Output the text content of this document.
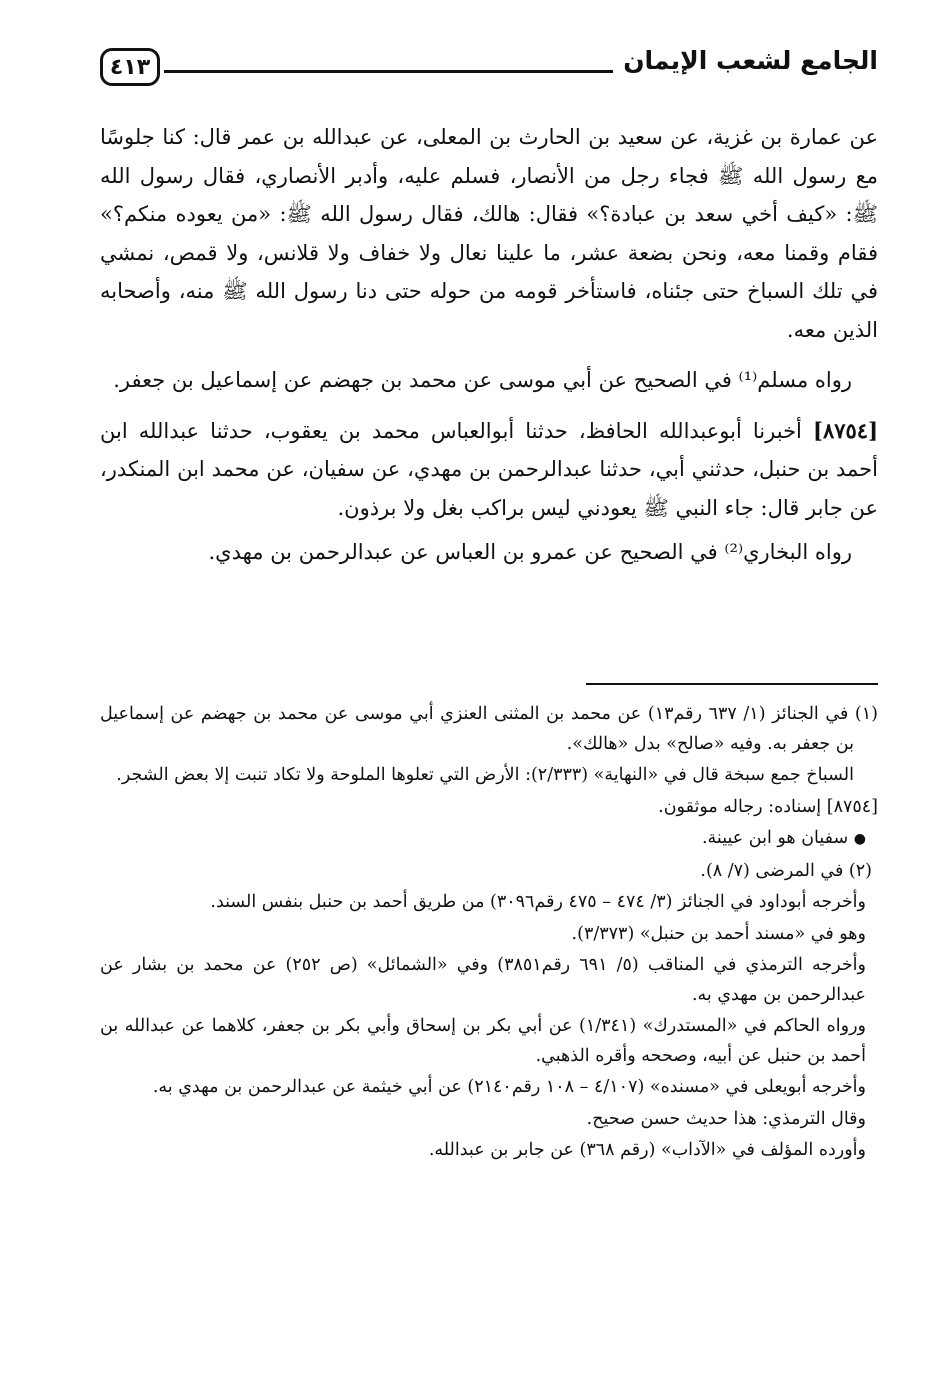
الجامع لشعب الإيمان
٤١٣

عن عمارة بن غزية، عن سعيد بن الحارث بن المعلى، عن عبدالله بن عمر قال: كنا جلوسًا مع رسول الله ﷺ فجاء رجل من الأنصار، فسلم عليه، وأدبر الأنصاري، فقال رسول الله ﷺ: «كيف أخي سعد بن عبادة؟» فقال: هالك، فقال رسول الله ﷺ: «من يعوده منكم؟» فقام وقمنا معه، ونحن بضعة عشر، ما علينا نعال ولا خفاف ولا قلانس، ولا قمص، نمشي في تلك السباخ حتى جئناه، فاستأخر قومه من حوله حتى دنا رسول الله ﷺ منه، وأصحابه الذين معه.

رواه مسلم⁽¹⁾ في الصحيح عن أبي موسى عن محمد بن جهضم عن إسماعيل بن جعفر.

[٨٧٥٤] أخبرنا أبوعبدالله الحافظ، حدثنا أبوالعباس محمد بن يعقوب، حدثنا عبدالله ابن أحمد بن حنبل، حدثني أبي، حدثنا عبدالرحمن بن مهدي، عن سفيان، عن محمد ابن المنكدر، عن جابر قال: جاء النبي ﷺ يعودني ليس براكب بغل ولا برذون.

رواه البخاري⁽²⁾ في الصحيح عن عمرو بن العباس عن عبدالرحمن بن مهدي.

(١) في الجنائز (١/ ٦٣٧ رقم١٣) عن محمد بن المثنى العنزي أبي موسى عن محمد بن جهضم عن إسماعيل بن جعفر به. وفيه «صالح» بدل «هالك».

السباخ جمع سبخة قال في «النهاية» (٢/٣٣٣): الأرض التي تعلوها الملوحة ولا تكاد تنبت إلا بعض الشجر.

[٨٧٥٤] إسناده: رجاله موثقون.

● سفيان هو ابن عيينة.

(٢) في المرضى (٧/ ٨).

وأخرجه أبوداود في الجنائز (٣/ ٤٧٤ – ٤٧٥ رقم٣٠٩٦) من طريق أحمد بن حنبل بنفس السند.

وهو في «مسند أحمد بن حنبل» (٣/٣٧٣).

وأخرجه الترمذي في المناقب (٥/ ٦٩١ رقم٣٨٥١) وفي «الشمائل» (ص ٢٥٢) عن محمد بن بشار عن عبدالرحمن بن مهدي به.

ورواه الحاكم في «المستدرك» (١/٣٤١) عن أبي بكر بن إسحاق وأبي بكر بن جعفر، كلاهما عن عبدالله بن أحمد بن حنبل عن أبيه، وصححه وأقره الذهبي.

وأخرجه أبويعلى في «مسنده» (٤/١٠٧ – ١٠٨ رقم٢١٤٠) عن أبي خيثمة عن عبدالرحمن بن مهدي به.

وقال الترمذي: هذا حديث حسن صحيح.

وأورده المؤلف في «الآداب» (رقم ٣٦٨) عن جابر بن عبدالله.
